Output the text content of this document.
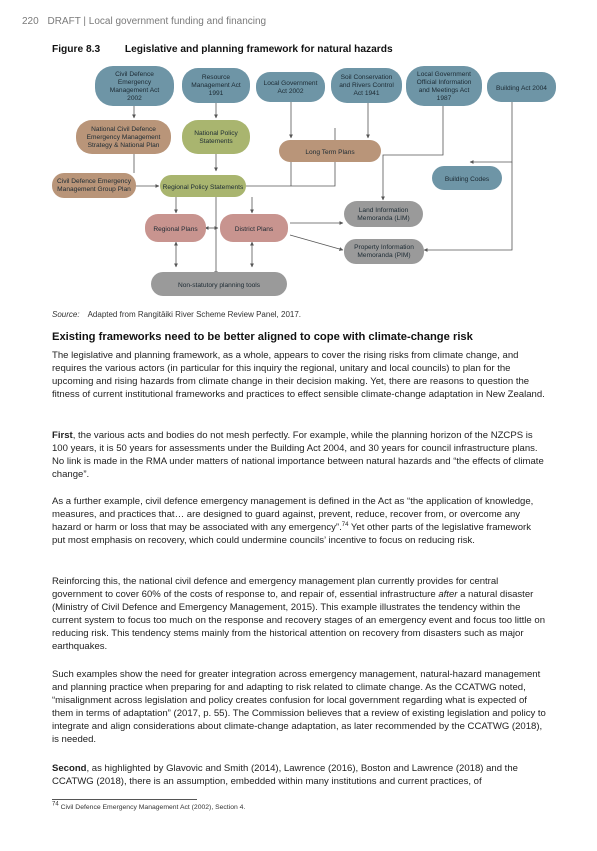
220 DRAFT | Local government funding and financing
Figure 8.3 Legislative and planning framework for natural hazards
Civil Defence Emergency Management Act 2002
Resource Management Act 1991
Local Government Act 2002
Soil Conservation and Rivers Control Act 1941
Local Government Official Information and Meetings Act 1987
Building Act 2004
National Civil Defence Emergency Management Strategy & National Plan
National Policy Statements
Long Term Plans
Civil Defence Emergency Management Group Plan	Regional Policy Statements
Building Codes
Land Information Memoranda (LIM)
Regional Plans	District Plans
Property Information Memoranda (PIM)
Non-statutory planning tools
Source: Adapted from Rangitāiki River Scheme Review Panel, 2017.
Existing frameworks need to be better aligned to cope with climate-change risk

The legislative and planning framework, as a whole, appears to cover the rising risks from climate change, and requires the various actors (in particular for this inquiry the regional, unitary and local councils) to plan for the upcoming and rising hazards from climate change in their decision making. Yet, there are reasons to question the fitness of current institutional frameworks and practices to effect sensible climate-change adaptation in New Zealand.

First, the various acts and bodies do not mesh perfectly. For example, while the planning horizon of the NZCPS is 100 years, it is 50 years for assessments under the Building Act 2004, and 30 years for council infrastructure plans. No link is made in the RMA under matters of national importance between natural hazards and “the effects of climate change”.

As a further example, civil defence emergency management is defined in the Act as “the application of knowledge, measures, and practices that… are designed to guard against, prevent, reduce, recover from, or overcome any hazard or harm or loss that may be associated with any emergency”.$^{74}$ Yet other parts of the legislative framework put most emphasis on recovery, which could undermine councils’ incentive to focus on reducing risk.

Reinforcing this, the national civil defence and emergency management plan currently provides for central government to cover 60% of the costs of response to, and repair of, essential infrastructure after a natural disaster (Ministry of Civil Defence and Emergency Management, 2015). This example illustrates the tendency within the current system to focus too much on the response and recovery stages of an emergency event and focus too little on reducing risk. This tendency stems mainly from the historical attention on recovery from disasters such as major earthquakes.

Such examples show the need for greater integration across emergency management, natural-hazard management and planning practice when preparing for and adapting to risk related to climate change. As the CCATWG noted, “misalignment across legislation and policy creates confusion for local government regarding what is expected of them in terms of adaptation” (2017, p. 55). The Commission believes that a review of existing legislation and policy to integrate and align considerations about climate-change adaptation, as later recommended by the CCATWG (2018), is needed.

Second, as highlighted by Glavovic and Smith (2014), Lawrence (2016), Boston and Lawrence (2018) and the CCATWG (2018), there is an assumption, embedded within many institutions and current practices, of

$^{74}$ Civil Defence Emergency Management Act (2002), Section 4.
